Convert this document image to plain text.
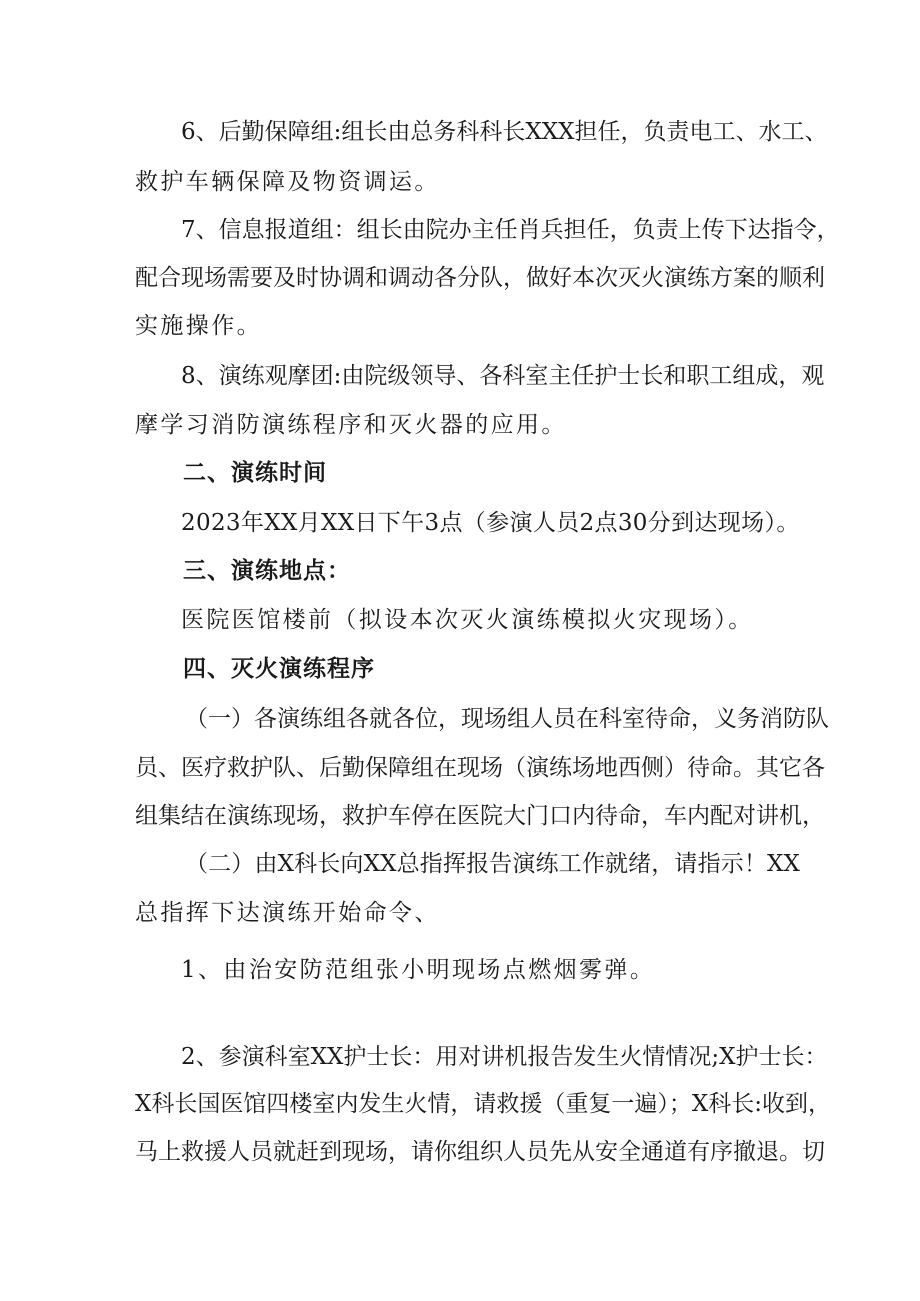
6、后勤保障组:组长由总务科科长XXX担任，负责电工、水工、
救护车辆保障及物资调运。
7、信息报道组：组长由院办主任肖兵担任，负责上传下达指令，
配合现场需要及时协调和调动各分队，做好本次灭火演练方案的顺利
实施操作。
8、演练观摩团:由院级领导、各科室主任护士长和职工组成，观
摩学习消防演练程序和灭火器的应用。
二、演练时间
2023年XX月XX日下午3点（参演人员2点30分到达现场）。
三、演练地点：
医院医馆楼前（拟设本次灭火演练模拟火灾现场）。
四、灭火演练程序
（一）各演练组各就各位，现场组人员在科室待命，义务消防队
员、医疗救护队、后勤保障组在现场（演练场地西侧）待命。其它各
组集结在演练现场，救护车停在医院大门口内待命，车内配对讲机，
（二）由X科长向XX总指挥报告演练工作就绪，请指示！XX
总指挥下达演练开始命令、
1、由治安防范组张小明现场点燃烟雾弹。
2、参演科室XX护士长：用对讲机报告发生火情情况;X护士长：
X科长国医馆四楼室内发生火情，请救援（重复一遍）；X科长:收到，
马上救援人员就赶到现场，请你组织人员先从安全通道有序撤退。切
